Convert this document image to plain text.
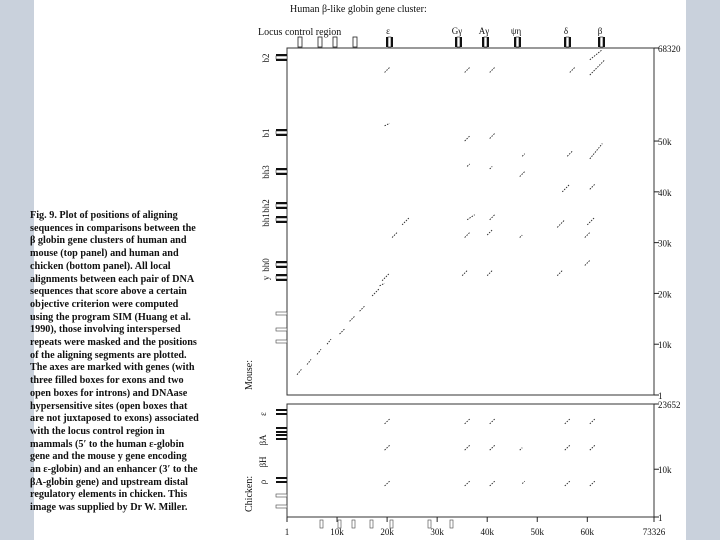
Locus control region	ε	Gγ Aγ ψη	δ	β
y
bh0
bh1
bh2
bh3
b1
b2
1
10k
20k
30k
40k
50k
68320
Mouse:
Chicken: ρ
βH
βA
ε
1
10k
23652
1	10k	20k	30k	40k	50k	60k	73326
Human β-like globin gene cluster:

Fig. 9. Plot of positions of aligning
sequences in comparisons between the
β globin gene clusters of human and
mouse (top panel) and human and
chicken (bottom panel). All local
alignments between each pair of DNA
sequences that score above a certain
objective criterion were computed
using the program SIM (Huang et al.
1990), those involving interspersed
repeats were masked and the positions
of the aligning segments are plotted.
The axes are marked with genes (with
three filled boxes for exons and two
open boxes for introns) and DNAase
hypersensitive sites (open boxes that
are not juxtaposed to exons) associated
with the locus control region in
mammals (5′ to the human ε-globin
gene and the mouse y gene encoding
an ε-globin) and an enhancer (3′ to the
βA-globin gene) and upstream distal
regulatory elements in chicken. This
image was supplied by Dr W. Miller.
